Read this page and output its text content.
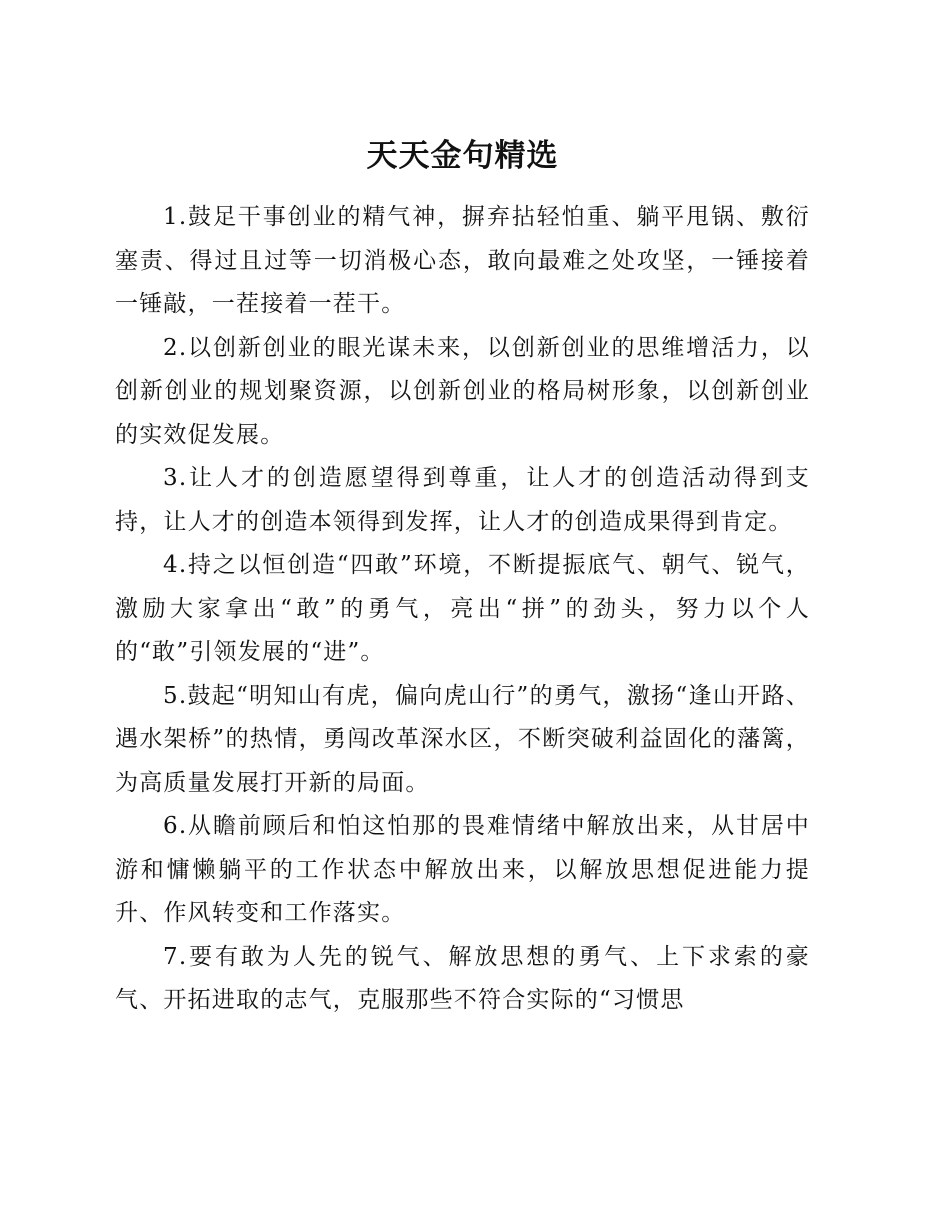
天天金句精选

1.鼓足干事创业的精气神，摒弃拈轻怕重、躺平甩锅、敷衍塞责、得过且过等一切消极心态，敢向最难之处攻坚，一锤接着一锤敲，一茬接着一茬干。

2.以创新创业的眼光谋未来，以创新创业的思维增活力，以创新创业的规划聚资源，以创新创业的格局树形象，以创新创业的实效促发展。

3.让人才的创造愿望得到尊重，让人才的创造活动得到支持，让人才的创造本领得到发挥，让人才的创造成果得到肯定。

4.持之以恒创造“四敢”环境，不断提振底气、朝气、锐气，激励大家拿出“敢”的勇气，亮出“拼”的劲头，努力以个人的“敢”引领发展的“进”。

5.鼓起“明知山有虎，偏向虎山行”的勇气，激扬“逢山开路、遇水架桥”的热情，勇闯改革深水区，不断突破利益固化的藩篱，为高质量发展打开新的局面。

6.从瞻前顾后和怕这怕那的畏难情绪中解放出来，从甘居中游和慵懒躺平的工作状态中解放出来，以解放思想促进能力提升、作风转变和工作落实。

7.要有敢为人先的锐气、解放思想的勇气、上下求索的豪气、开拓进取的志气，克服那些不符合实际的“习惯思
